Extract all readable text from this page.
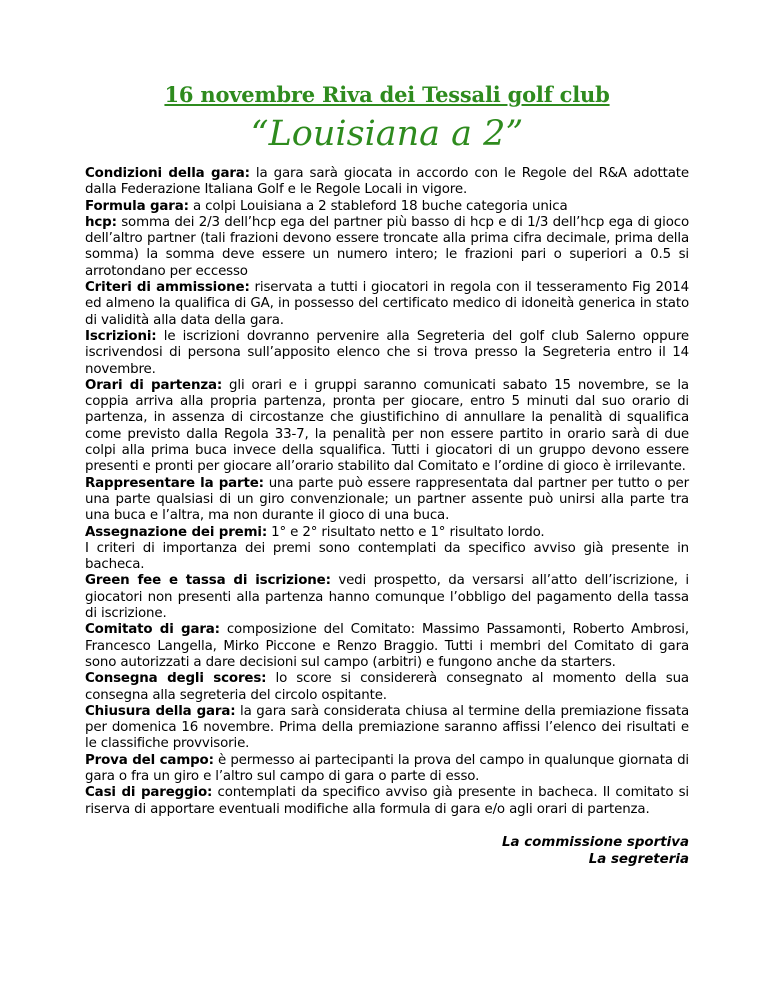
16 novembre Riva dei Tessali golf club
“Louisiana a 2”

Condizioni della gara: la gara sarà giocata in accordo con le Regole del R&A adottate dalla Federazione Italiana Golf e le Regole Locali in vigore.

Formula gara: a colpi Louisiana a 2 stableford 18 buche categoria unica

hcp: somma dei 2/3 dell’hcp ega del partner più basso di hcp e di 1/3 dell’hcp ega di gioco dell’altro partner (tali frazioni devono essere troncate alla prima cifra decimale, prima della somma) la somma deve essere un numero intero; le frazioni pari o superiori a 0.5 si arrotondano per eccesso

Criteri di ammissione: riservata a tutti i giocatori in regola con il tesseramento Fig 2014 ed almeno la qualifica di GA, in possesso del certificato medico di idoneità generica in stato di validità alla data della gara.

Iscrizioni: le iscrizioni dovranno pervenire alla Segreteria del golf club Salerno oppure iscrivendosi di persona sull’apposito elenco che si trova presso la Segreteria entro il 14 novembre.

Orari di partenza: gli orari e i gruppi saranno comunicati sabato 15 novembre, se la coppia arriva alla propria partenza, pronta per giocare, entro 5 minuti dal suo orario di partenza, in assenza di circostanze che giustifichino di annullare la penalità di squalifica come previsto dalla Regola 33-7, la penalità per non essere partito in orario sarà di due colpi alla prima buca invece della squalifica. Tutti i giocatori di un gruppo devono essere presenti e pronti per giocare all’orario stabilito dal Comitato e l’ordine di gioco è irrilevante.

Rappresentare la parte: una parte può essere rappresentata dal partner per tutto o per una parte qualsiasi di un giro convenzionale; un partner assente può unirsi alla parte tra una buca e l’altra, ma non durante il gioco di una buca.

Assegnazione dei premi: 1° e 2° risultato netto e 1° risultato lordo.

I criteri di importanza dei premi sono contemplati da specifico avviso già presente in bacheca.

Green fee e tassa di iscrizione: vedi prospetto, da versarsi all’atto dell’iscrizione, i giocatori non presenti alla partenza hanno comunque l’obbligo del pagamento della tassa di iscrizione.

Comitato di gara: composizione del Comitato: Massimo Passamonti, Roberto Ambrosi, Francesco Langella, Mirko Piccone e Renzo Braggio. Tutti i membri del Comitato di gara sono autorizzati a dare decisioni sul campo (arbitri) e fungono anche da starters.

Consegna degli scores: lo score si considererà consegnato al momento della sua consegna alla segreteria del circolo ospitante.

Chiusura della gara: la gara sarà considerata chiusa al termine della premiazione fissata per domenica 16 novembre. Prima della premiazione saranno affissi l’elenco dei risultati e le classifiche provvisorie.

Prova del campo: è permesso ai partecipanti la prova del campo in qualunque giornata di gara o fra un giro e l’altro sul campo di gara o parte di esso.

Casi di pareggio: contemplati da specifico avviso già presente in bacheca. Il comitato si riserva di apportare eventuali modifiche alla formula di gara e/o agli orari di partenza.

La commissione sportiva
La segreteria
